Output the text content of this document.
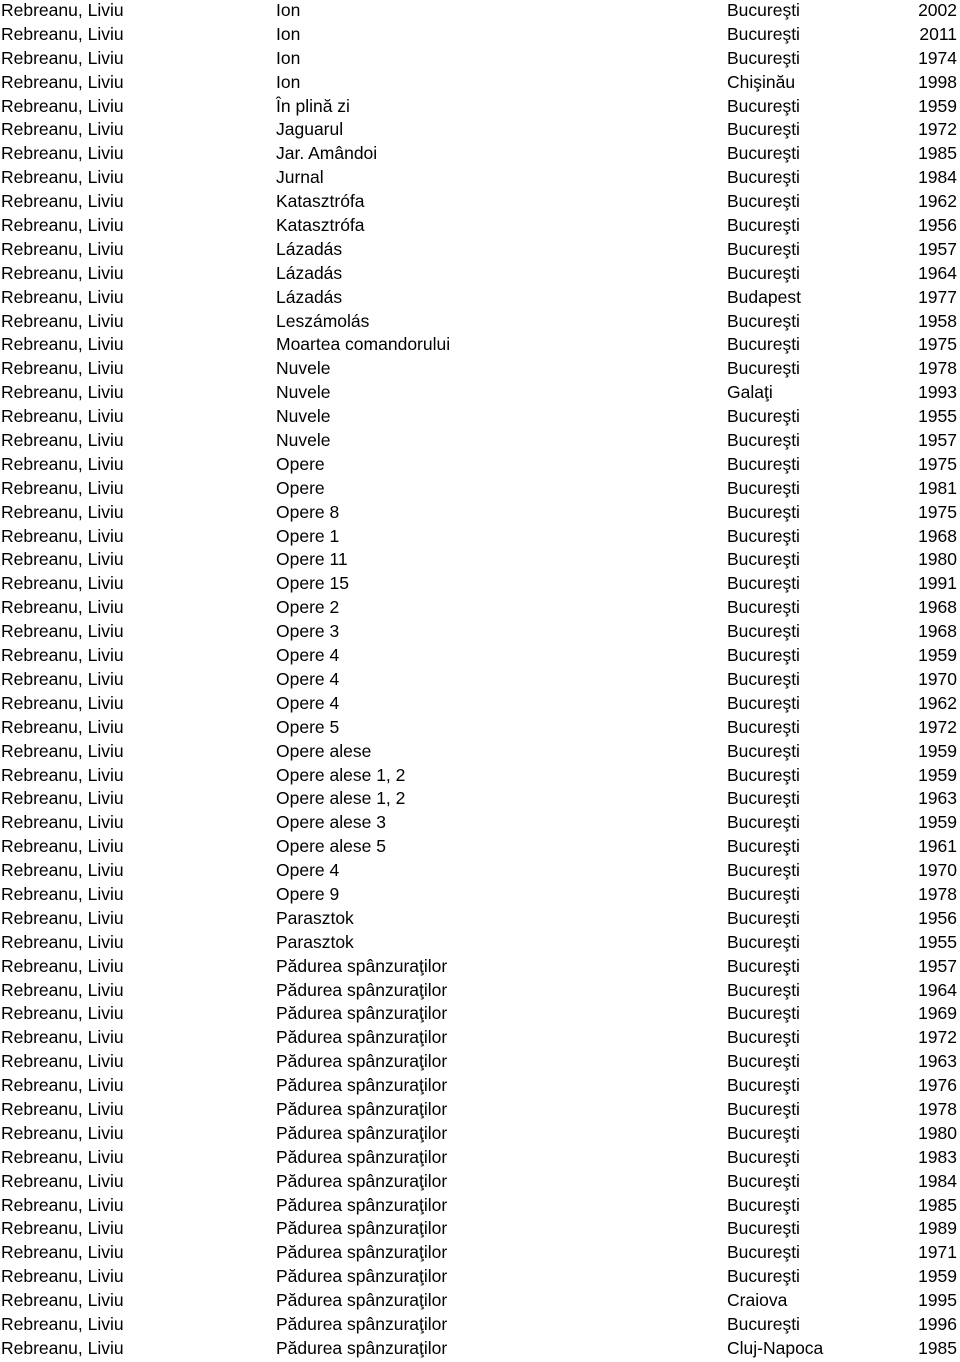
Rebreanu, Liviu	Ion	Bucureşti	2002
Rebreanu, Liviu	Ion	Bucureşti	2011
Rebreanu, Liviu	Ion	Bucureşti	1974
Rebreanu, Liviu	Ion	Chişinău	1998
Rebreanu, Liviu	În plină zi	Bucureşti	1959
Rebreanu, Liviu	Jaguarul	Bucureşti	1972
Rebreanu, Liviu	Jar. Amândoi	Bucureşti	1985
Rebreanu, Liviu	Jurnal	Bucureşti	1984
Rebreanu, Liviu	Katasztrófa	Bucureşti	1962
Rebreanu, Liviu	Katasztrófa	Bucureşti	1956
Rebreanu, Liviu	Lázadás	Bucureşti	1957
Rebreanu, Liviu	Lázadás	Bucureşti	1964
Rebreanu, Liviu	Lázadás	Budapest	1977
Rebreanu, Liviu	Leszámolás	Bucureşti	1958
Rebreanu, Liviu	Moartea comandorului	Bucureşti	1975
Rebreanu, Liviu	Nuvele	Bucureşti	1978
Rebreanu, Liviu	Nuvele	Galaţi	1993
Rebreanu, Liviu	Nuvele	Bucureşti	1955
Rebreanu, Liviu	Nuvele	Bucureşti	1957
Rebreanu, Liviu	Opere	Bucureşti	1975
Rebreanu, Liviu	Opere	Bucureşti	1981
Rebreanu, Liviu	Opere 8	Bucureşti	1975
Rebreanu, Liviu	Opere 1	Bucureşti	1968
Rebreanu, Liviu	Opere 11	Bucureşti	1980
Rebreanu, Liviu	Opere 15	Bucureşti	1991
Rebreanu, Liviu	Opere 2	Bucureşti	1968
Rebreanu, Liviu	Opere 3	Bucureşti	1968
Rebreanu, Liviu	Opere 4	Bucureşti	1959
Rebreanu, Liviu	Opere 4	Bucureşti	1970
Rebreanu, Liviu	Opere 4	Bucureşti	1962
Rebreanu, Liviu	Opere 5	Bucureşti	1972
Rebreanu, Liviu	Opere alese	Bucureşti	1959
Rebreanu, Liviu	Opere alese 1, 2	Bucureşti	1959
Rebreanu, Liviu	Opere alese 1, 2	Bucureşti	1963
Rebreanu, Liviu	Opere alese 3	Bucureşti	1959
Rebreanu, Liviu	Opere alese 5	Bucureşti	1961
Rebreanu, Liviu	Opere 4	Bucureşti	1970
Rebreanu, Liviu	Opere 9	Bucureşti	1978
Rebreanu, Liviu	Parasztok	Bucureşti	1956
Rebreanu, Liviu	Parasztok	Bucureşti	1955
Rebreanu, Liviu	Pădurea spânzuraţilor	Bucureşti	1957
Rebreanu, Liviu	Pădurea spânzuraţilor	Bucureşti	1964
Rebreanu, Liviu	Pădurea spânzuraţilor	Bucureşti	1969
Rebreanu, Liviu	Pădurea spânzuraţilor	Bucureşti	1972
Rebreanu, Liviu	Pădurea spânzuraţilor	Bucureşti	1963
Rebreanu, Liviu	Pădurea spânzuraţilor	Bucureşti	1976
Rebreanu, Liviu	Pădurea spânzuraţilor	Bucureşti	1978
Rebreanu, Liviu	Pădurea spânzuraţilor	Bucureşti	1980
Rebreanu, Liviu	Pădurea spânzuraţilor	Bucureşti	1983
Rebreanu, Liviu	Pădurea spânzuraţilor	Bucureşti	1984
Rebreanu, Liviu	Pădurea spânzuraţilor	Bucureşti	1985
Rebreanu, Liviu	Pădurea spânzuraţilor	Bucureşti	1989
Rebreanu, Liviu	Pădurea spânzuraţilor	Bucureşti	1971
Rebreanu, Liviu	Pădurea spânzuraţilor	Bucureşti	1959
Rebreanu, Liviu	Pădurea spânzuraţilor	Craiova	1995
Rebreanu, Liviu	Pădurea spânzuraţilor	Bucureşti	1996
Rebreanu, Liviu	Pădurea spânzuraţilor	Cluj-Napoca	1985
